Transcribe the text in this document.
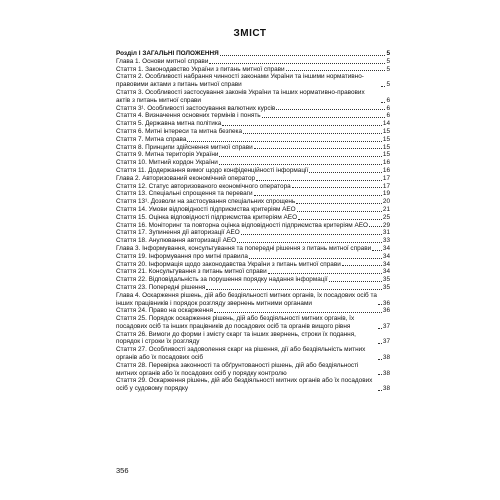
ЗМІСТ
Розділ І ЗАГАЛЬНІ ПОЛОЖЕННЯ	5
Глава 1. Основи митної справи	5
Стаття 1. Законодавство України з питань митної справи	5
Стаття 2. Особливості набрання чинності законами України та іншими нормативно-правовими актами з питань митної справи	5
Стаття 3. Особливості застосування законів України та інших нормативно-правових актів з питань митної справи	6
Стаття 3¹. Особливості застосування валютних курсів	6
Стаття 4. Визначення основних термінів і понять	6
Стаття 5. Державна митна політика	14
Стаття 6. Митні інтереси та митна безпека	15
Стаття 7. Митна справа	15
Стаття 8. Принципи здійснення митної справи	15
Стаття 9. Митна територія України	15
Стаття 10. Митний кордон України	16
Стаття 11. Додержання вимог щодо конфіденційності інформації	16
Глава 2. Авторизований економічний оператор	17
Стаття 12. Статус авторизованого економічного оператора	17
Стаття 13. Спеціальні спрощення та переваги	19
Стаття 13¹. Дозволи на застосування спеціальних спрощень	20
Стаття 14. Умови відповідності підприємства критеріям АЕО	21
Стаття 15. Оцінка відповідності підприємства критеріям АЕО	25
Стаття 16. Моніторинг та повторна оцінка відповідності підприємства критеріям АЕО 29
Стаття 17. Зупинення дії авторизації АЕО	31
Стаття 18. Анулювання авторизації АЕО	33
Глава 3. Інформування, консультування та попередні рішення з питань митної справи 34
Стаття 19. Інформування про митні правила	34
Стаття 20. Інформація щодо законодавства України з питань митної справи	34
Стаття 21. Консультування з питань митної справи	34
Стаття 22. Відповідальність за порушення порядку надання інформації	35
Стаття 23. Попередні рішення	35
Глава 4. Оскарження рішень, дій або бездіяльності митних органів, їх посадових осіб та інших працівників і порядок розгляду звернень митними органами	36
Стаття 24. Право на оскарження	36
Стаття 25. Порядок оскарження рішень, дій або бездіяльності митних органів, їх посадових осіб та інших працівників до посадових осіб та органів вищого рівня	37
Стаття 26. Вимоги до форми і змісту скарг та інших звернень, строки їх подання, порядок і строки їх розгляду	37
Стаття 27. Особливості задоволення скарг на рішення, дії або бездіяльність митних органів або їх посадових осіб	38
Стаття 28. Перевірка законності та обґрунтованості рішень, дій або бездіяльності митних органів або їх посадових осіб у порядку контролю	38
Стаття 29. Оскарження рішень, дій або бездіяльності митних органів або їх посадових осіб у судовому порядку	38
356
